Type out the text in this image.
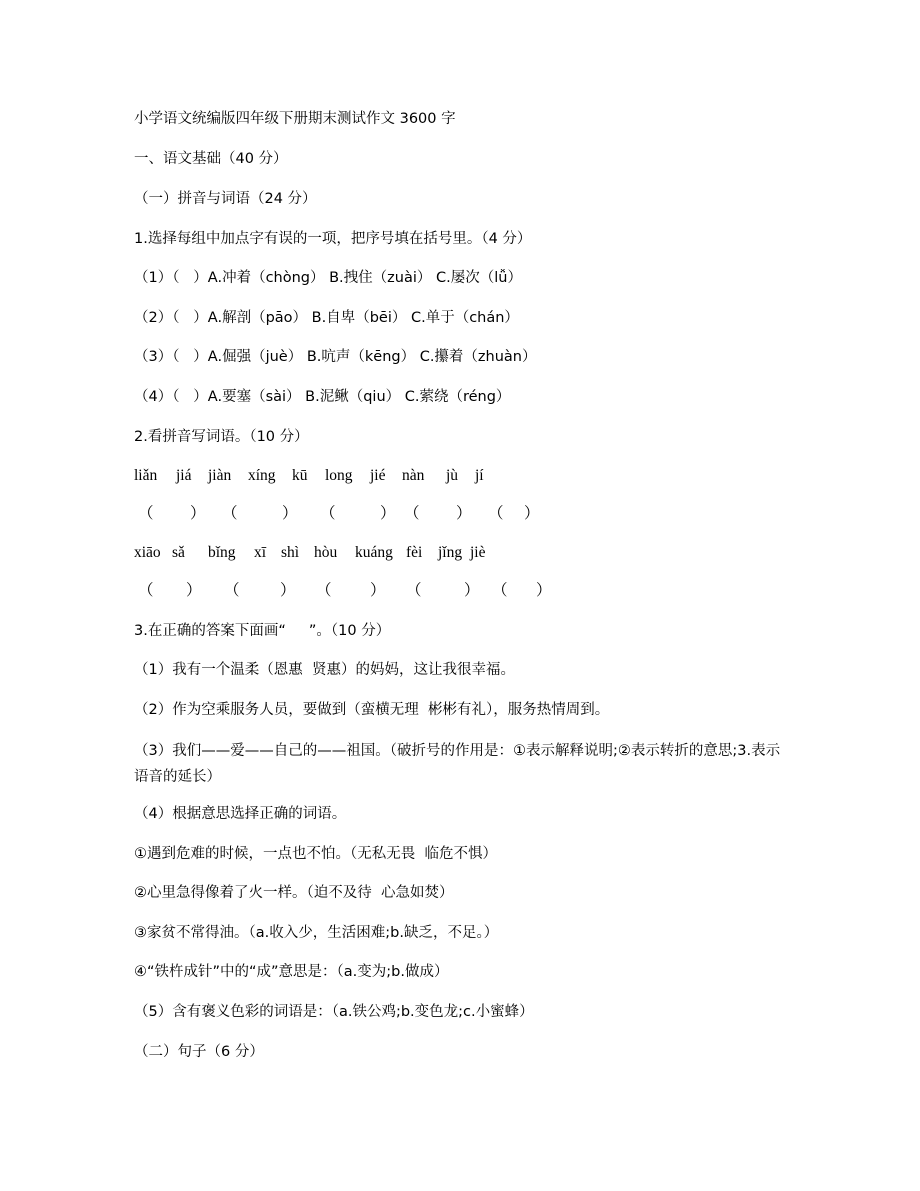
小学语文统编版四年级下册期末测试作文 3600 字
一、语文基础（40 分）
（一）拼音与词语（24 分）
1.选择每组中加点字有误的一项，把序号填在括号里。（4 分）
（1）（   ）A.冲着（chòng） B.拽住（zuài） C.屡次（lǚ）
（2）（   ）A.解剖（pāo） B.自卑（bēi） C.单于（chán）
（3）（   ）A.倔强（juè） B.吭声（kēng） C.攥着（zhuàn）
（4）（   ）A.要塞（sài） B.泥鳅（qiu） C.萦绕（réng）
2.看拼音写词语。（10 分）
liǎn jiá jiàn xíng kū long jié nàn jù jí
（ ） （	） （	） （ ） （ ）
xiāo sǎ bǐng xī shì hòu kuáng fèi jǐng jiè
（ ） （	） （ ） （	） （ ）
3.在正确的答案下面画“     ”。（10 分）
（1）我有一个温柔（恩惠  贤惠）的妈妈，这让我很幸福。
（2）作为空乘服务人员，要做到（蛮横无理  彬彬有礼），服务热情周到。
（3）我们——爱——自己的——祖国。（破折号的作用是：①表示解释说明;②表示转折的意思;3.表示语音的延长）
（4）根据意思选择正确的词语。
①遇到危难的时候，一点也不怕。（无私无畏  临危不惧）
②心里急得像着了火一样。（迫不及待  心急如焚）
③家贫不常得油。（a.收入少，生活困难;b.缺乏，不足。）
④“铁杵成针”中的“成”意思是：（a.变为;b.做成）
（5）含有褒义色彩的词语是：（a.铁公鸡;b.变色龙;c.小蜜蜂）
（二）句子（6 分）
